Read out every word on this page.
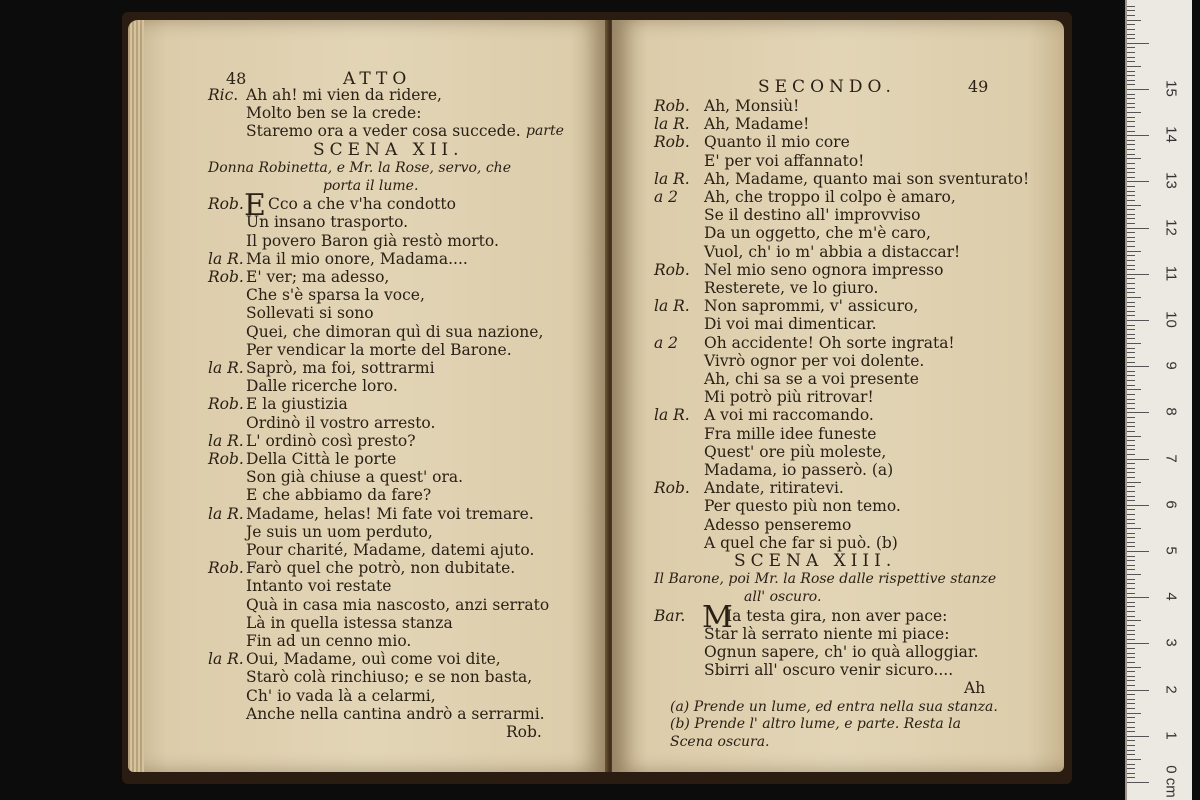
48	ATTO
Ric. Ah ah! mi vien da ridere,
Molto ben se la crede:
Staremo ora a veder cosa succede. parte
SCENA XII.
Donna Robinetta, e Mr. la Rose, servo, che
porta il lume.
Rob. E Cco a che v'ha condotto
Un insano trasporto.
Il povero Baron già restò morto.
la R. Ma il mio onore, Madama....
Rob. E' ver; ma adesso,
Che s'è sparsa la voce,
Sollevati si sono
Quei, che dimoran quì di sua nazione,
Per vendicar la morte del Barone.
la R. Saprò, ma foi, sottrarmi
Dalle ricerche loro.
Rob. E la giustizia
Ordinò il vostro arresto.
la R. L' ordinò così presto?
Rob. Della Città le porte
Son già chiuse a quest' ora.
E che abbiamo da fare?
la R. Madame, helas! Mi fate voi tremare.
Je suis un uom perduto,
Pour charité, Madame, datemi ajuto.
Rob. Farò quel che potrò, non dubitate.
Intanto voi restate
Quà in casa mia nascosto, anzi serrato
Là in quella istessa stanza
Fin ad un cenno mio.
la R. Oui, Madame, ouì come voi dite,
Starò colà rinchiuso; e se non basta,
Ch' io vada là a celarmi,
Anche nella cantina andrò a serrarmi.
Rob.
SECONDO.	49
Rob. Ah, Monsiù!
la R. Ah, Madame!
Rob. Quanto il mio core
E' per voi affannato!
la R. Ah, Madame, quanto mai son sventurato!
a 2 Ah, che troppo il colpo è amaro,
Se il destino all' improvviso
Da un oggetto, che m'è caro,
Vuol, ch' io m' abbia a distaccar!
Rob. Nel mio seno ognora impresso
Resterete, ve lo giuro.
la R. Non saprommi, v' assicuro,
Di voi mai dimenticar.
a 2 Oh accidente! Oh sorte ingrata!
Vivrò ognor per voi dolente.
Ah, chi sa se a voi presente
Mi potrò più ritrovar!
la R. A voi mi raccomando.
Fra mille idee funeste
Quest' ore più moleste,
Madama, io passerò. (a)
Rob. Andate, ritiratevi.
Per questo più non temo.
Adesso penseremo
A quel che far si può. (b)
SCENA XIII.
Il Barone, poi Mr. la Rose dalle rispettive stanze
all' oscuro.
Bar. M
Ia testa gira, non aver pace:
Star là serrato niente mi piace:
Ognun sapere, ch' io quà alloggiar.
Sbirri all' oscuro venir sicuro....
Ah
(a) Prende un lume, ed entra nella sua stanza.
(b) Prende l' altro lume, e parte. Resta la
Scena oscura.
15
14
13
12
11
10
9
8
7
6
5
4
3
2
1
0 cm
